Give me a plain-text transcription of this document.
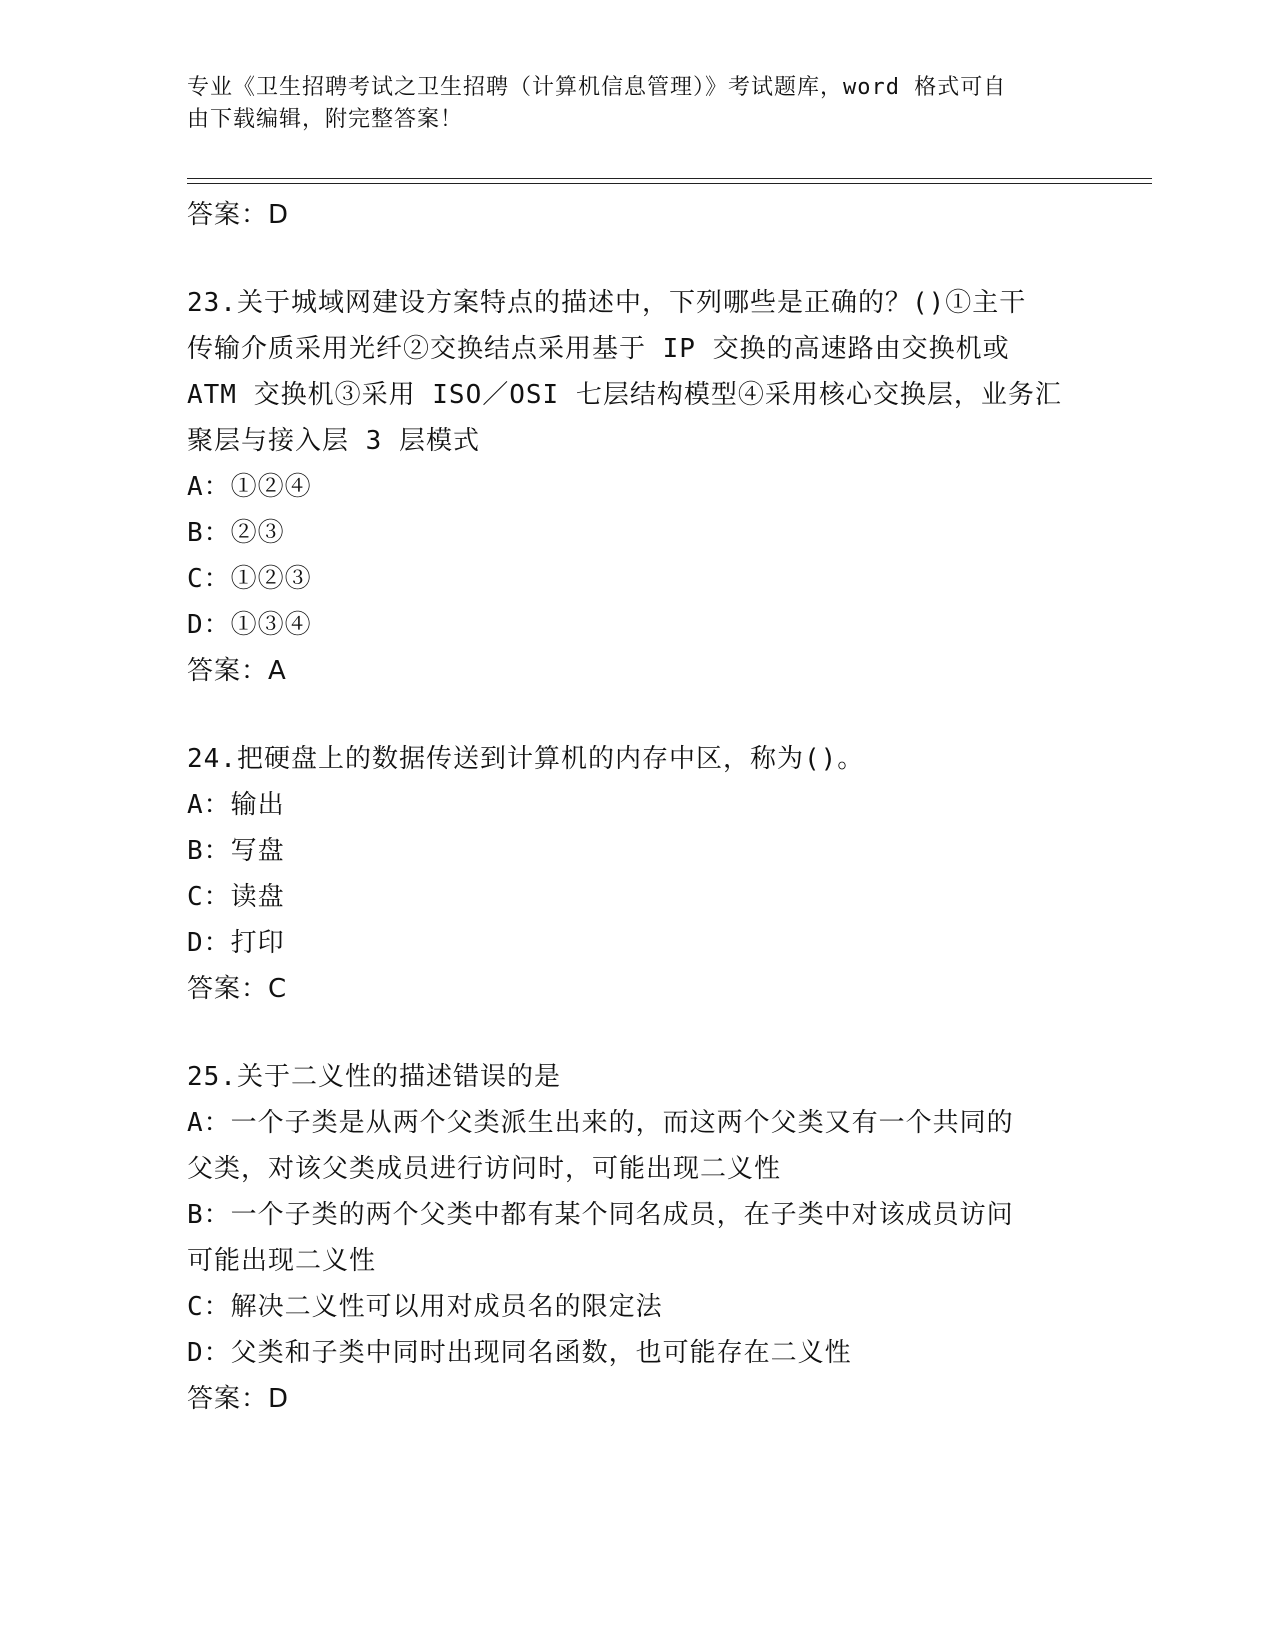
专业《卫生招聘考试之卫生招聘（计算机信息管理）》考试题库，word 格式可自
由下载编辑，附完整答案！
答案：D
23.关于城域网建设方案特点的描述中，下列哪些是正确的？()①主干
传输介质采用光纤②交换结点采用基于 IP 交换的高速路由交换机或
ATM 交换机③采用 ISO／OSI 七层结构模型④采用核心交换层，业务汇
聚层与接入层 3 层模式
A：①②④
B：②③
C：①②③
D：①③④
答案：A
24.把硬盘上的数据传送到计算机的内存中区，称为()。
A：输出
B：写盘
C：读盘
D：打印
答案：C
25.关于二义性的描述错误的是
A：一个子类是从两个父类派生出来的，而这两个父类又有一个共同的
父类，对该父类成员进行访问时，可能出现二义性
B：一个子类的两个父类中都有某个同名成员，在子类中对该成员访问
可能出现二义性
C：解决二义性可以用对成员名的限定法
D：父类和子类中同时出现同名函数，也可能存在二义性
答案：D
